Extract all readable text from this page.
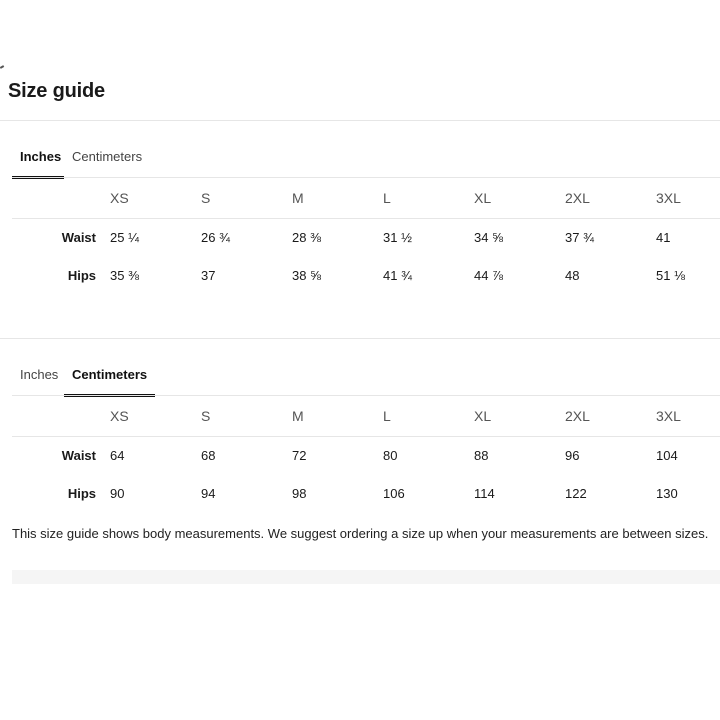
Size guide
Inches Centimeters
XS	S	M	L	XL	2XL	3XL
Waist 25 ¼	26 ¾	28 ⅜	31 ½	34 ⅝	37 ¾	41
Hips 35 ⅜	37	38 ⅝	41 ¾	44 ⅞	48	51 ⅛
Inches	Centimeters
XS	S	M	L	XL	2XL	3XL
Waist 64	68	72	80	88	96	104
Hips 90	94	98	106	114	122	130

This size guide shows body measurements. We suggest ordering a size up when your measurements are between sizes.
